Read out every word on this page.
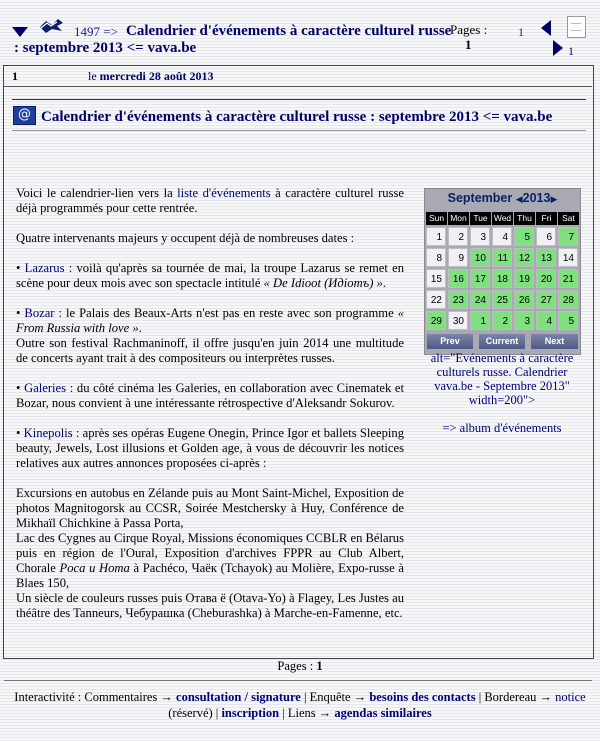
1497 => Calendrier d'événements à caractère culturel russe
: septembre 2013 <= vava.be
Pages :
1
1
1
1	le mercredi 28 août 2013
@ Calendrier d'événements à caractère culturel russe : septembre 2013 <= vava.be

Voici le calendrier-lien vers la liste d'événements à caractère culturel russe déjà programmés pour cette rentrée.

Quatre intervenants majeurs y occupent déjà de nombreuses dates :

• Lazarus : voilà qu'après sa tournée de mai, la troupe Lazarus se remet en scène pour deux mois avec son spectacle intitulé « De Idioot (Идіотъ) ».

• Bozar : le Palais des Beaux-Arts n'est pas en reste avec son programme « From Russia with love ».

Outre son festival Rachmaninoff, il offre jusqu'en juin 2014 une multitude de concerts ayant trait à des compositeurs ou interprètes russes.

• Galeries : du côté cinéma les Galeries, en collaboration avec Cinematek et Bozar, nous convient à une intéressante rétrospective d'Aleksandr Sokurov.

• Kinepolis : après ses opéras Eugene Onegin, Prince Igor et ballets Sleeping beauty, Jewels, Lost illusions et Golden age, à vous de découvrir les notices relatives aux autres annonces proposées ci-après :

Excursions en autobus en Zélande puis au Mont Saint-Michel, Exposition de photos Magnitogorsk au CCSR, Soirée Mestchersky à Huy, Conférence de Mikhaïl Chichkine à Passa Porta,

Lac des Cygnes au Cirque Royal, Missions économiques CCBLR en Bélarus puis en région de l'Oural, Exposition d'archives FPPR au Club Albert, Chorale Poca u Homa à Pachéco, Чаёк (Tchayok) au Molière, Expo-russe à Blaes 150,

Un siècle de couleurs russes puis Отава ё (Otava-Yo) à Flagey, Les Justes au théâtre des Tanneurs, Чебурашка (Cheburashka) à Marche-en-Famenne, etc.

September ◀2013▶
Sun Mon Tue Wed Thu	Fri	Sat
1	2	3	4	5	6	7
8	9	10	11	12	13	14
15	16	17	18	19	20	21
22	23	24	25	26	27	28
29	30	1	2	3	4	5
Prev	Current	Next
alt="Evénements à caractère culturels russe. Calendrier vava.be - Septembre 2013" width=200">
=> album d'événements
Pages : 1
Interactivité : Commentaires → consultation / signature | Enquête → besoins des contacts | Bordereau → notice (réservé) | inscription | Liens → agendas similaires
